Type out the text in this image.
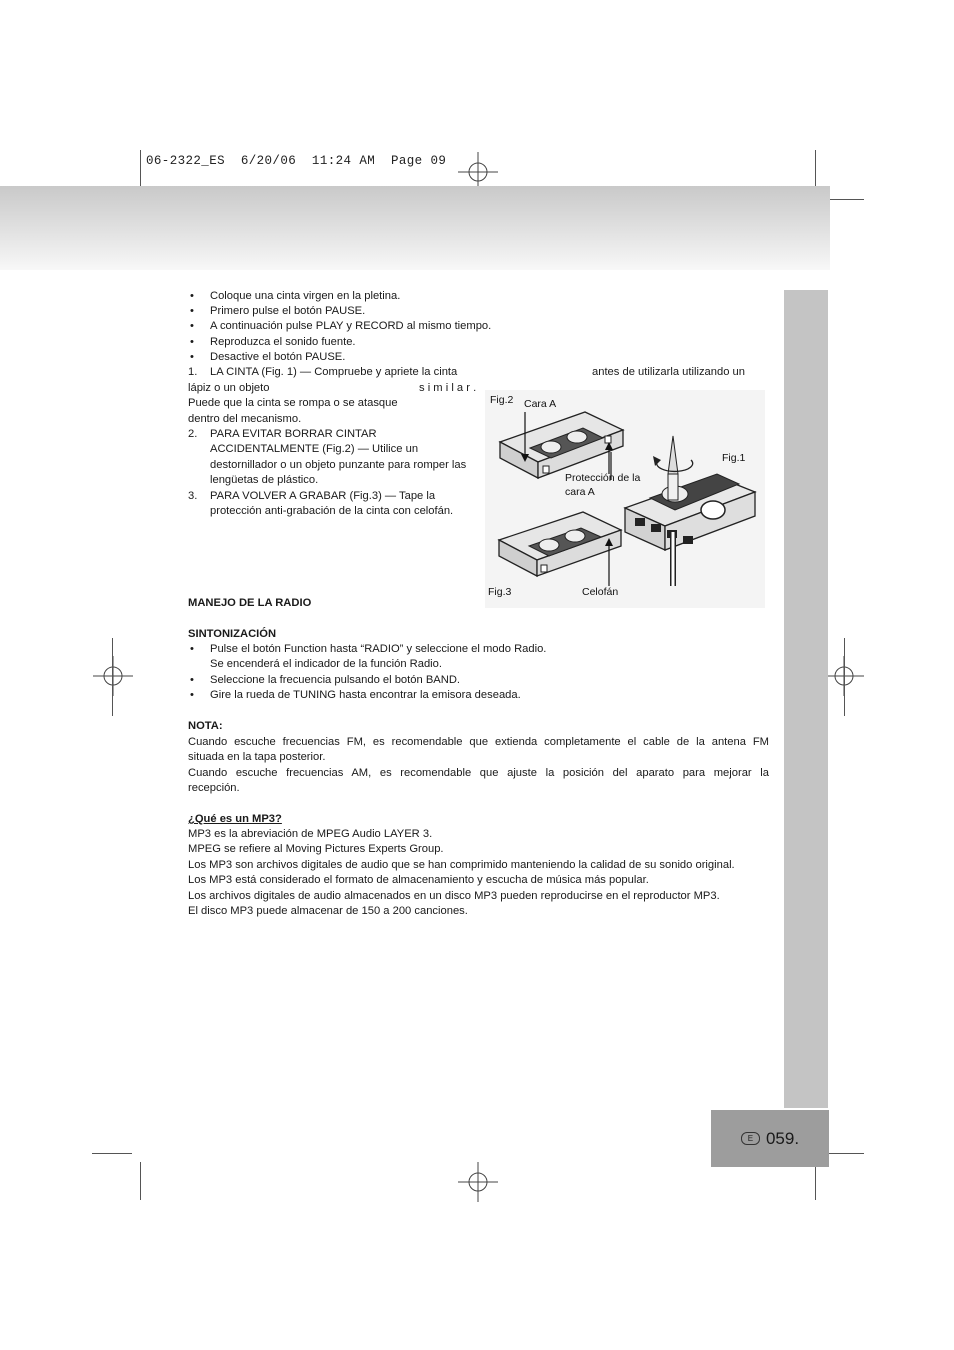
06-2322_ES  6/20/06  11:24 AM  Page 09
• Coloque una cinta virgen en la pletina.
• Primero pulse el botón PAUSE.
• A continuación pulse PLAY y RECORD al mismo tiempo.
• Reproduzca el sonido fuente.
• Desactive el botón PAUSE.
1. LA CINTA (Fig. 1) — Compruebe y apriete la cinta	antes de utilizarla utilizando un
lápiz o un objeto	s i m i l a r .
Puede que la cinta se rompa o se atasque
dentro del mecanismo.
2. PARA EVITAR BORRAR CINTAR
ACCIDENTALMENTE (Fig.2) — Utilice un
destornillador o un objeto punzante para romper las
lengüetas de plástico.
3. PARA VOLVER A GRABAR (Fig.3) — Tape la
protección anti-grabación de la cinta con celofán.
Fig.2 Cara A
Fig.1
Protección de la
cara A
Fig.3	Celofán
MANEJO DE LA RADIO
SINTONIZACIÓN
• Pulse el botón Function hasta “RADIO” y seleccione el modo Radio.
Se encenderá el indicador de la función Radio.
• Seleccione la frecuencia pulsando el botón BAND.
• Gire la rueda de TUNING hasta encontrar la emisora deseada.
NOTA:
Cuando escuche frecuencias FM, es recomendable que extienda completamente el cable de la antena FM
situada en la tapa posterior.
Cuando escuche frecuencias AM, es recomendable que ajuste la posición del aparato para mejorar la
recepción.
¿Qué es un MP3?
MP3 es la abreviación de MPEG Audio LAYER 3.
MPEG se refiere al Moving Pictures Experts Group.
Los MP3 son archivos digitales de audio que se han comprimido manteniendo la calidad de su sonido original.
Los MP3 está considerado el formato de almacenamiento y escucha de música más popular.
Los archivos digitales de audio almacenados en un disco MP3 pueden reproducirse en el reproductor MP3.
El disco MP3 puede almacenar de 150 a 200 canciones.
E 059.
